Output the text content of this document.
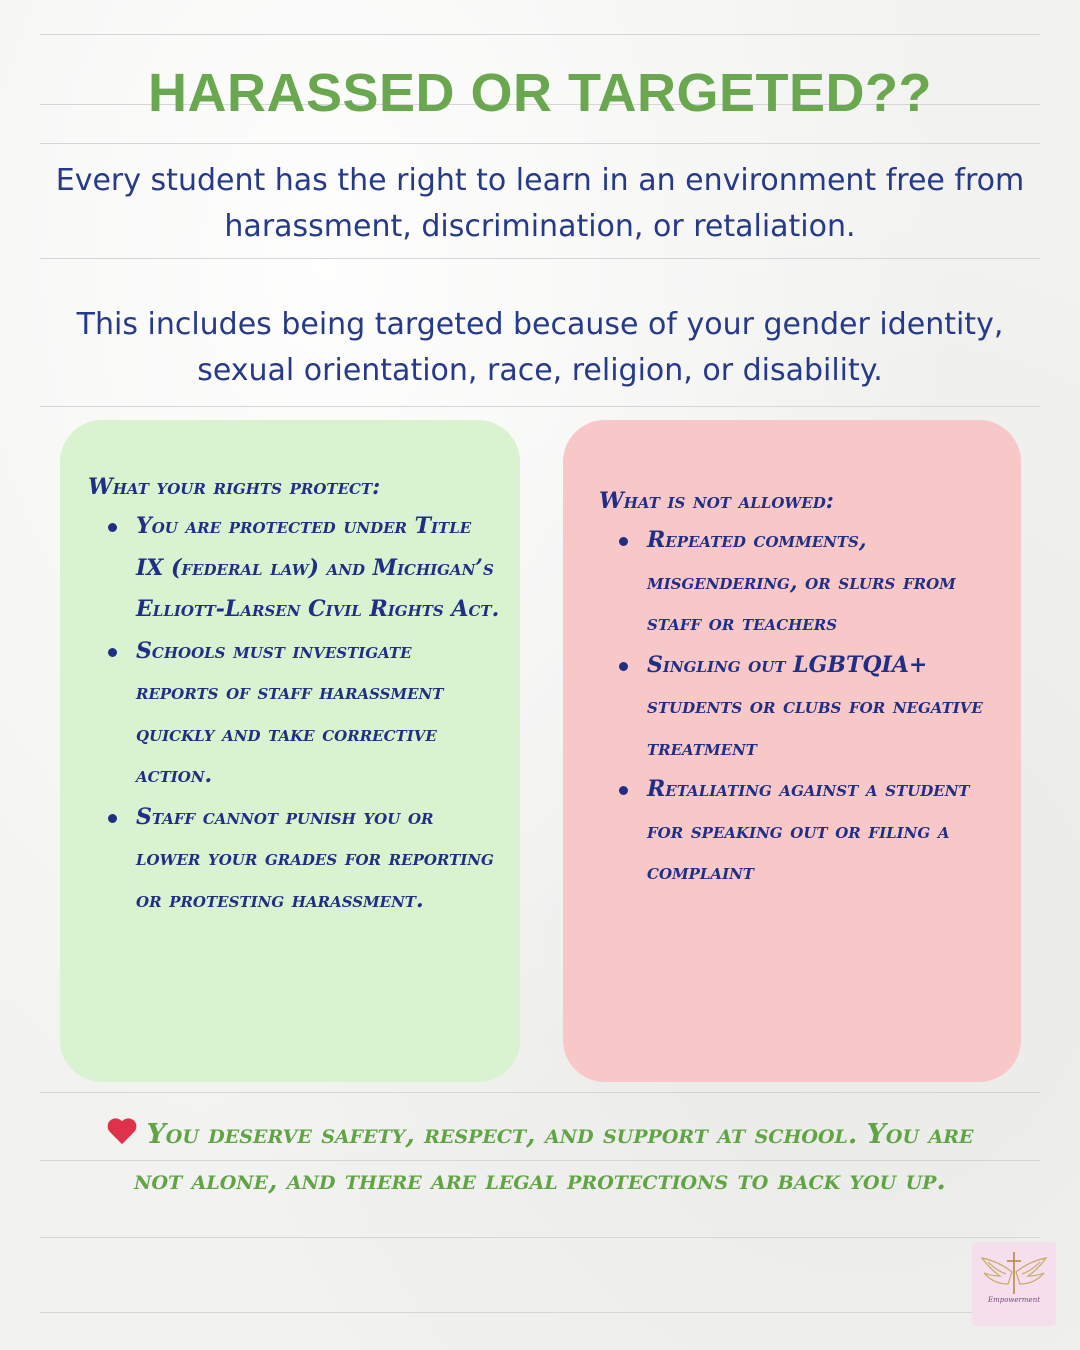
HARASSED OR TARGETED??

Every student has the right to learn in an environment free from harassment, discrimination, or retaliation.

This includes being targeted because of your gender identity, sexual orientation, race, religion, or disability.

What your rights protect:

You are protected under Title IX (federal law) and Michigan’s Elliott-Larsen Civil Rights Act.
Schools must investigate reports of staff harassment quickly and take corrective action.
Staff cannot punish you or lower your grades for reporting or protesting harassment.

What is not allowed:

Repeated comments, misgendering, or slurs from staff or teachers
Singling out LGBTQIA+ students or clubs for negative treatment
Retaliating against a student for speaking out or filing a complaint

You deserve safety, respect, and support at school. You are not alone, and there are legal protections to back you up.

Empowerment
